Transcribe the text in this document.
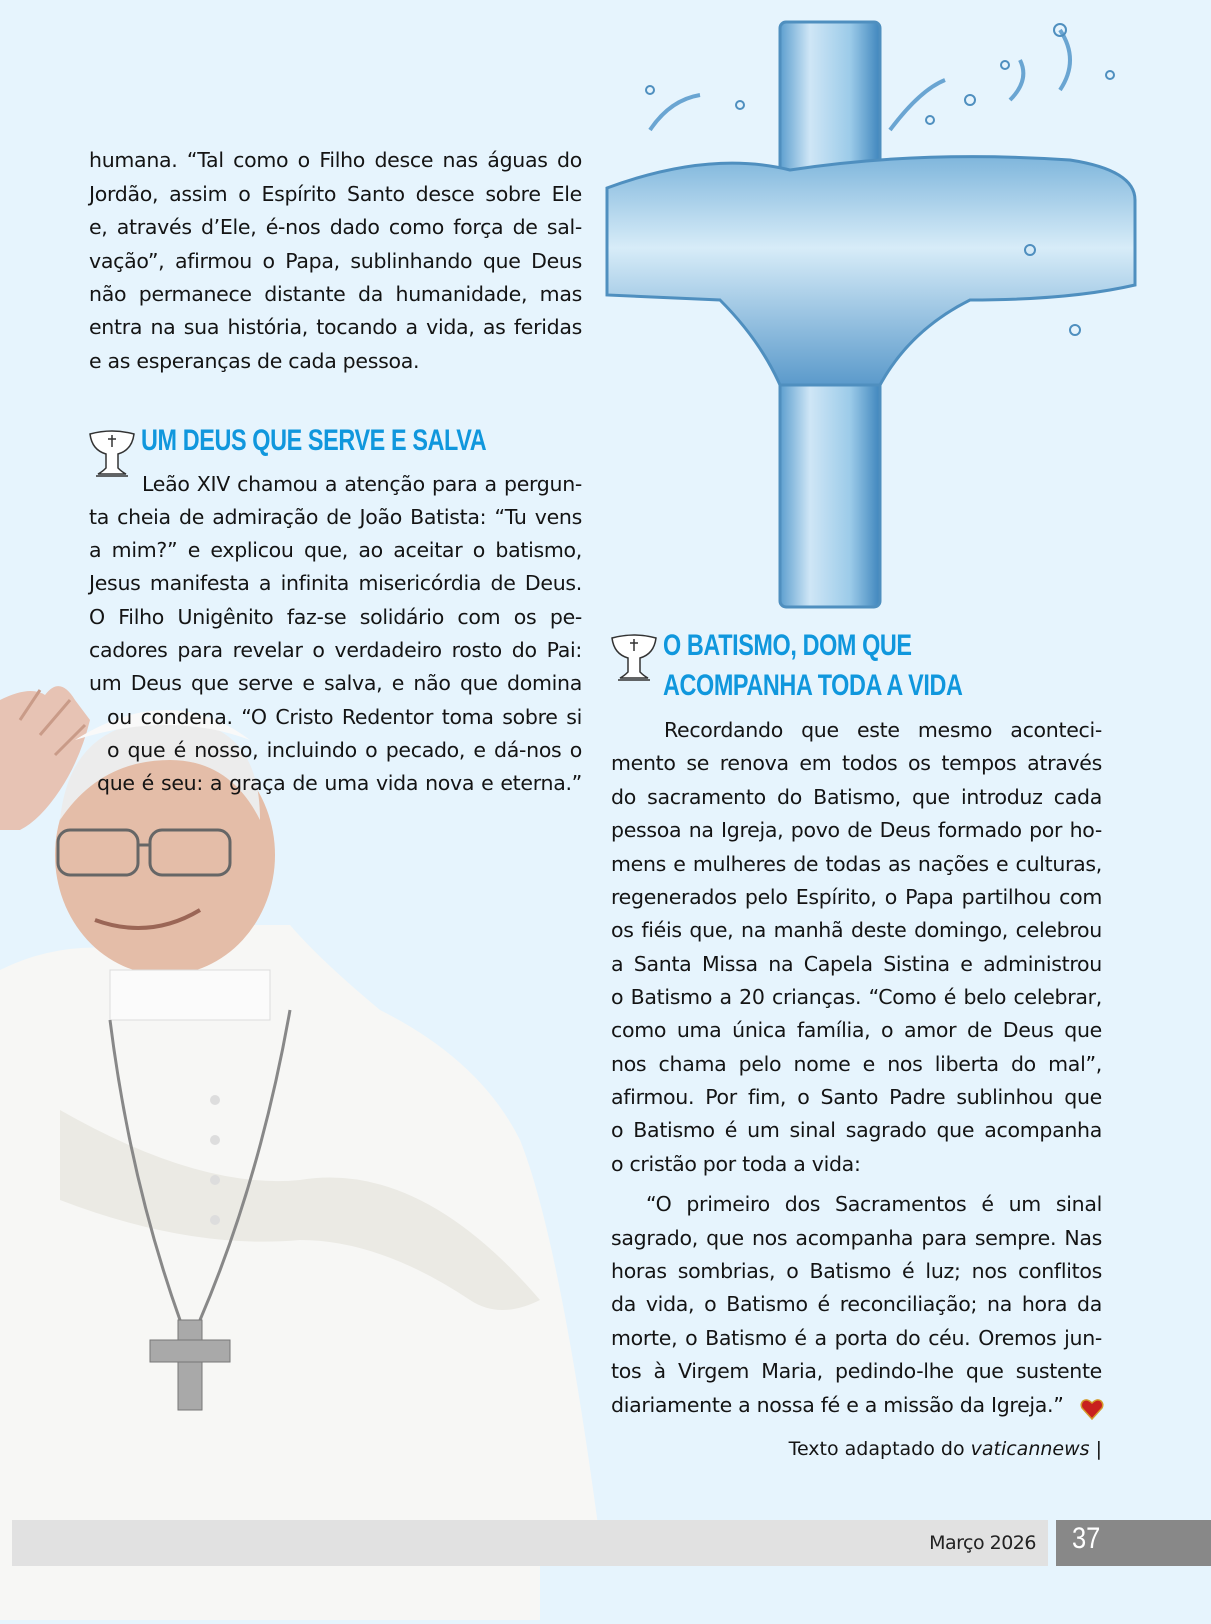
humana. “Tal como o Filho desce nas águas do
Jordão, assim o Espírito Santo desce sobre Ele
e, através d’Ele, é-nos dado como força de sal-
vação”, afirmou o Papa, sublinhando que Deus
não permanece distante da humanidade, mas
entra na sua história, tocando a vida, as feridas
e as esperanças de cada pessoa.
UM DEUS QUE SERVE E SALVA
Leão XIV chamou a atenção para a pergun-
ta cheia de admiração de João Batista: “Tu vens
a mim?” e explicou que, ao aceitar o batismo,
Jesus manifesta a infinita misericórdia de Deus.
O Filho Unigênito faz-se solidário com os pe-
cadores para revelar o verdadeiro rosto do Pai:
um Deus que serve e salva, e não que domina
ou condena. “O Cristo Redentor toma sobre si
o que é nosso, incluindo o pecado, e dá-nos o
que é seu: a graça de uma vida nova e eterna.”
O BATISMO, DOM QUE
ACOMPANHA TODA A VIDA
Recordando que este mesmo aconteci-
mento se renova em todos os tempos através
do sacramento do Batismo, que introduz cada
pessoa na Igreja, povo de Deus formado por ho-
mens e mulheres de todas as nações e culturas,
regenerados pelo Espírito, o Papa partilhou com
os fiéis que, na manhã deste domingo, celebrou
a Santa Missa na Capela Sistina e administrou
o Batismo a 20 crianças. “Como é belo celebrar,
como uma única família, o amor de Deus que
nos chama pelo nome e nos liberta do mal”,
afirmou. Por fim, o Santo Padre sublinhou que
o Batismo é um sinal sagrado que acompanha
o cristão por toda a vida:
“O primeiro dos Sacramentos é um sinal
sagrado, que nos acompanha para sempre. Nas
horas sombrias, o Batismo é luz; nos conflitos
da vida, o Batismo é reconciliação; na hora da
morte, o Batismo é a porta do céu. Oremos jun-
tos à Virgem Maria, pedindo-lhe que sustente
diariamente a nossa fé e a missão da Igreja.”
Texto adaptado do vaticannews |
Março 2026 37
